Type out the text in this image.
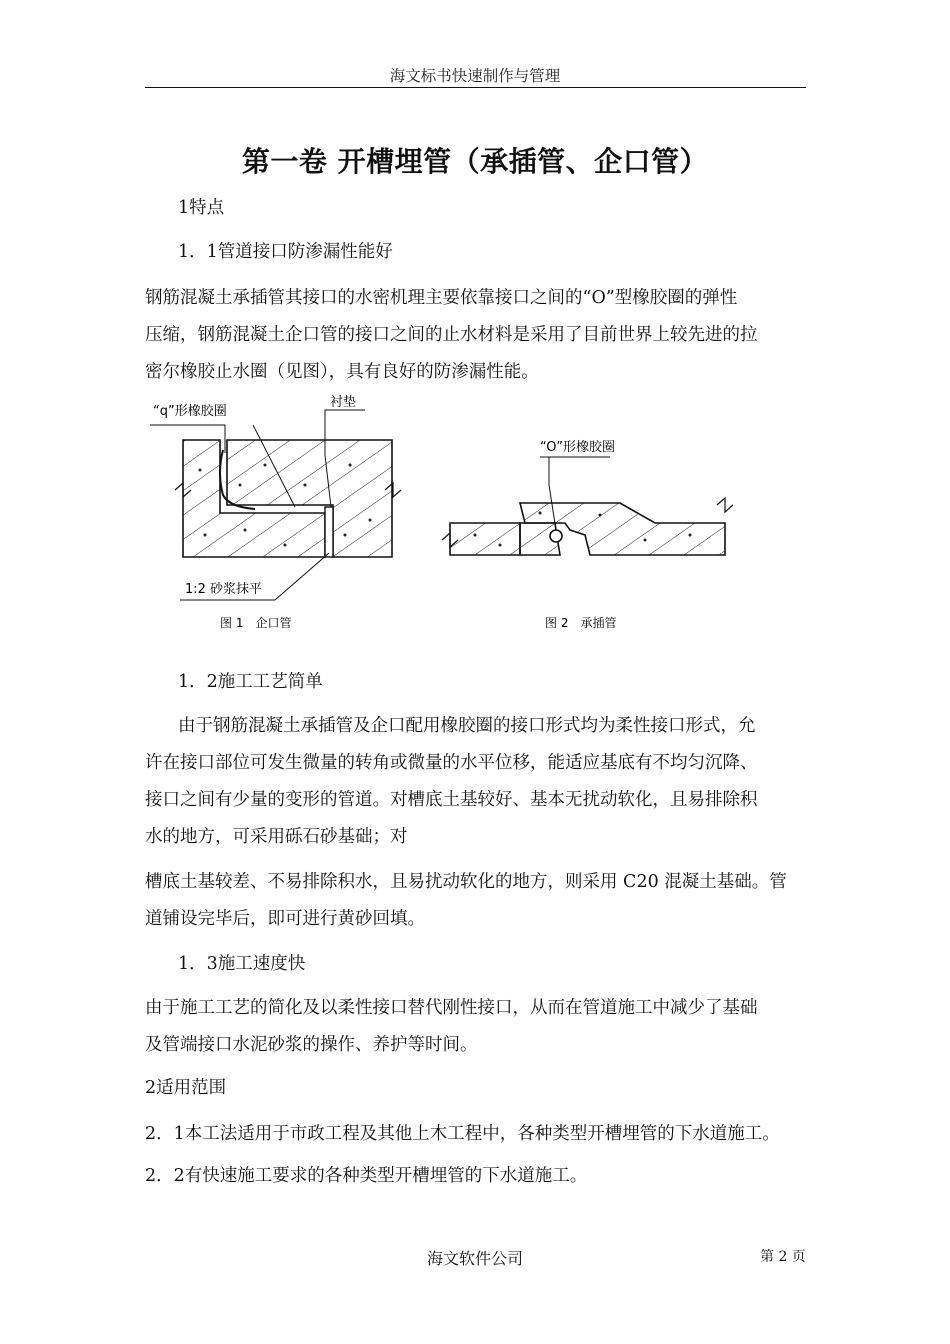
海文标书快速制作与管理
第一卷 开槽埋管（承插管、企口管）
1特点
1．1管道接口防渗漏性能好
钢筋混凝土承插管其接口的水密机理主要依靠接口之间的“O”型橡胶圈的弹性
压缩，钢筋混凝土企口管的接口之间的止水材料是采用了目前世界上较先进的拉
密尔橡胶止水圈（见图），具有良好的防渗漏性能。
“q”形橡胶圈
衬垫
1:2 砂浆抹平
图 1　企口管
“O”形橡胶圈
图 2　承插管
1．2施工工艺简单
由于钢筋混凝土承插管及企口配用橡胶圈的接口形式均为柔性接口形式，允
许在接口部位可发生微量的转角或微量的水平位移，能适应基底有不均匀沉降、
接口之间有少量的变形的管道。对槽底土基较好、基本无扰动软化，且易排除积
水的地方，可采用砾石砂基础；对
槽底土基较差、不易排除积水，且易扰动软化的地方，则采用 C20 混凝土基础。管
道铺设完毕后，即可进行黄砂回填。
1．3施工速度快
由于施工工艺的简化及以柔性接口替代刚性接口，从而在管道施工中减少了基础
及管端接口水泥砂浆的操作、养护等时间。
2适用范围
2．1本工法适用于市政工程及其他上木工程中，各种类型开槽埋管的下水道施工。
2．2有快速施工要求的各种类型开槽埋管的下水道施工。
海文软件公司	第 2 页
